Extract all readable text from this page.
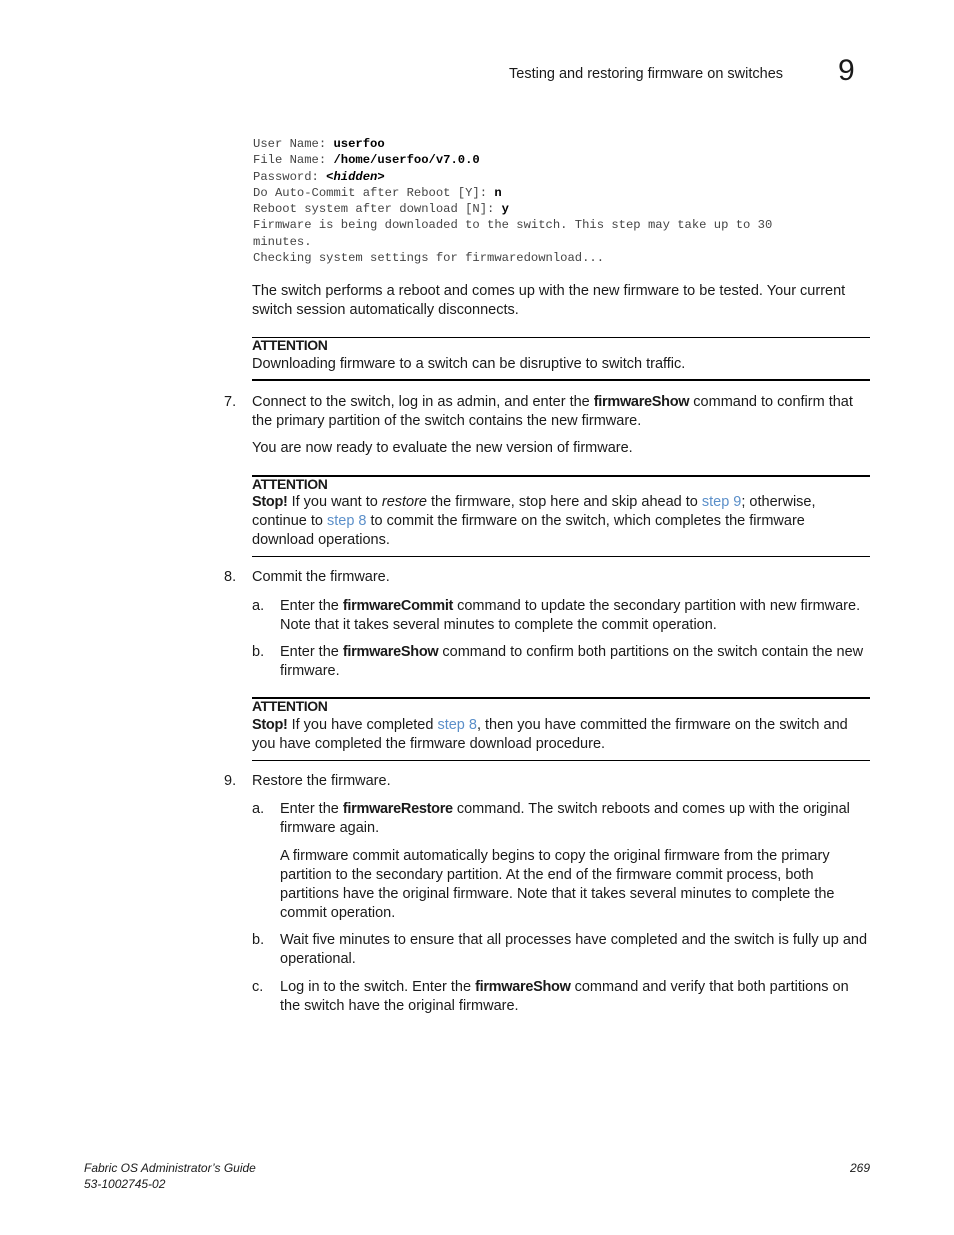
Testing and restoring firmware on switches 9
User Name: userfoo
File Name: /home/userfoo/v7.0.0
Password: <hidden>
Do Auto-Commit after Reboot [Y]: n
Reboot system after download [N]: y
Firmware is being downloaded to the switch. This step may take up to 30
minutes.
Checking system settings for firmwaredownload...
The switch performs a reboot and comes up with the new firmware to be tested. Your current switch session automatically disconnects.
ATTENTION
Downloading firmware to a switch can be disruptive to switch traffic.
7. Connect to the switch, log in as admin, and enter the firmwareShow command to confirm that the primary partition of the switch contains the new firmware.
You are now ready to evaluate the new version of firmware.
ATTENTION
Stop! If you want to restore the firmware, stop here and skip ahead to step 9; otherwise, continue to step 8 to commit the firmware on the switch, which completes the firmware download operations.
8. Commit the firmware.
a. Enter the firmwareCommit command to update the secondary partition with new firmware. Note that it takes several minutes to complete the commit operation.
b. Enter the firmwareShow command to confirm both partitions on the switch contain the new firmware.
ATTENTION
Stop! If you have completed step 8, then you have committed the firmware on the switch and you have completed the firmware download procedure.
9. Restore the firmware.
a. Enter the firmwareRestore command. The switch reboots and comes up with the original firmware again.
A firmware commit automatically begins to copy the original firmware from the primary partition to the secondary partition. At the end of the firmware commit process, both partitions have the original firmware. Note that it takes several minutes to complete the commit operation.
b. Wait five minutes to ensure that all processes have completed and the switch is fully up and operational.
c. Log in to the switch. Enter the firmwareShow command and verify that both partitions on the switch have the original firmware.
Fabric OS Administrator’s Guide
53-1002745-02
269
